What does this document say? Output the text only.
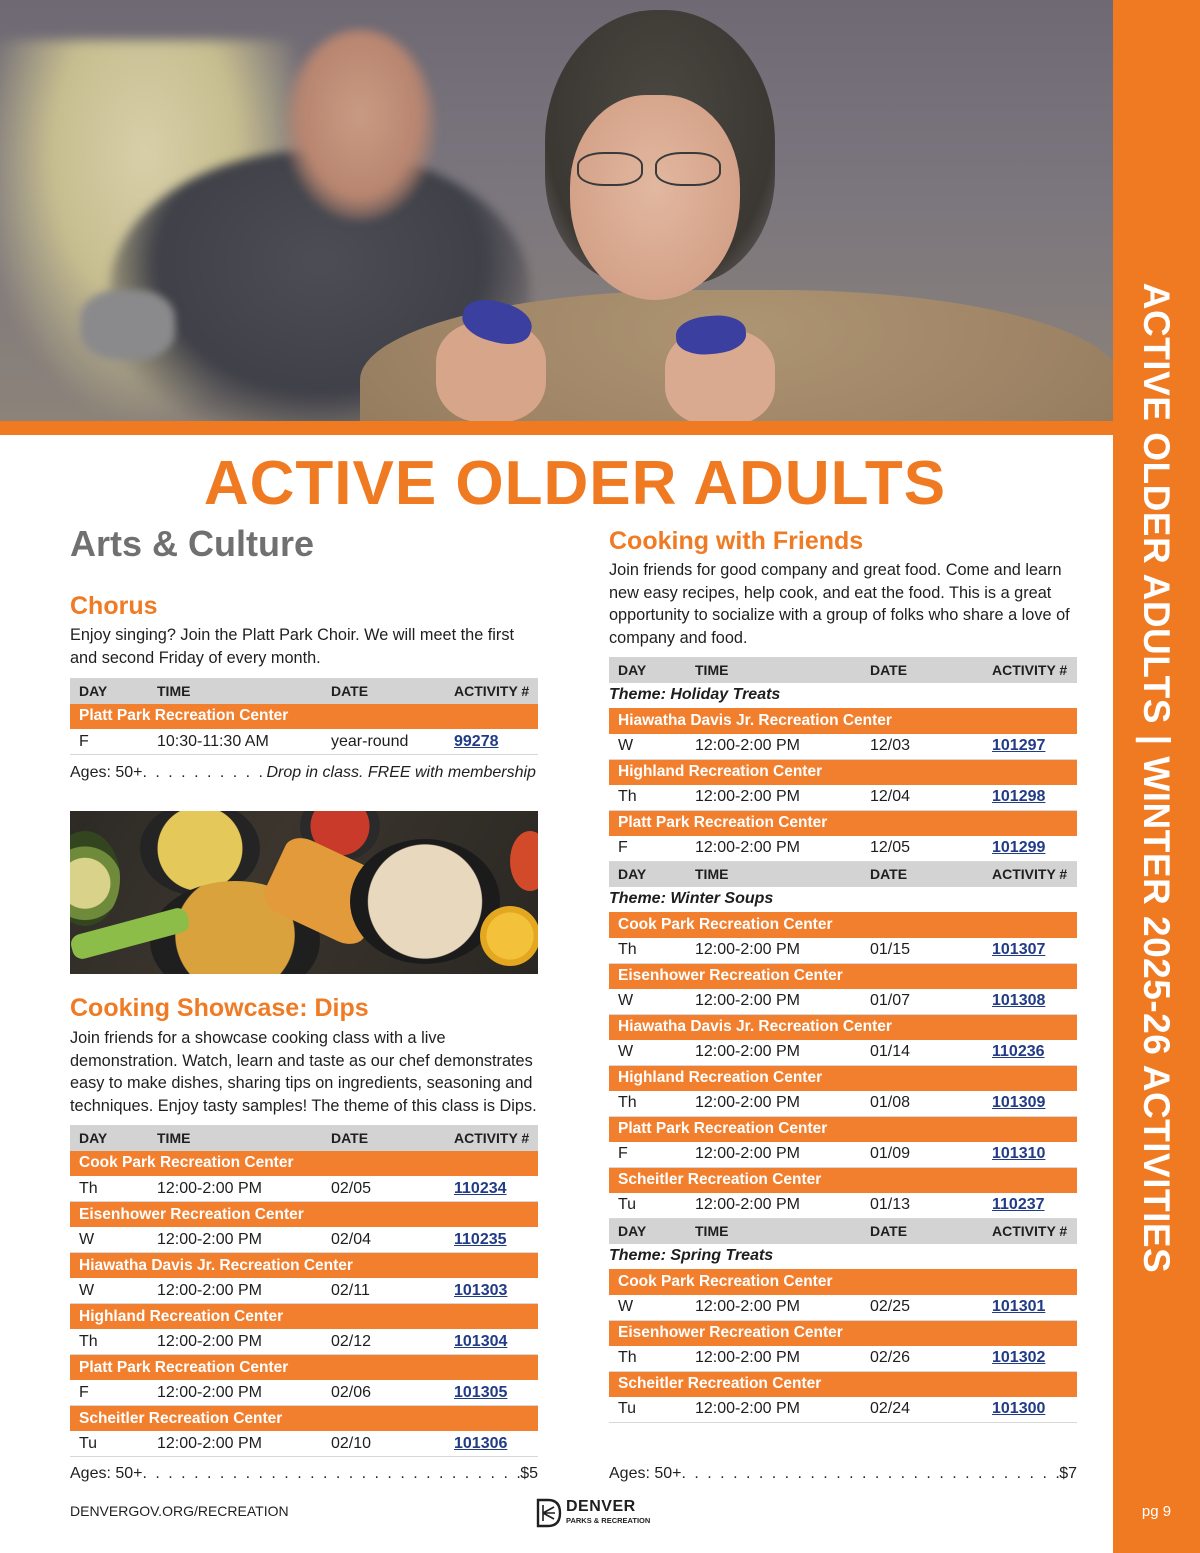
ACTIVE OLDER ADULTS | WINTER 2025-26 ACTIVITIES
pg 9
ACTIVE OLDER ADULTS
Arts & Culture
Chorus

Enjoy singing? Join the Platt Park Choir. We will meet the first and second Friday of every month.

DAY	TIME	DATE	ACTIVITY #
Platt Park Recreation Center			
F	10:30-11:30 AM	year-round	99278
Ages: 50+ . . .	Drop in class. FREE with membership
Cooking Showcase: Dips

Join friends for a showcase cooking class with a live demonstration. Watch, learn and taste as our chef demonstrates easy to make dishes, sharing tips on ingredients, seasoning and techniques. Enjoy tasty samples! The theme of this class is Dips.

DAY	TIME	DATE	ACTIVITY #
Cook Park Recreation Center			
Th	12:00-2:00 PM	02/05	110234
Eisenhower Recreation Center			
W	12:00-2:00 PM	02/04	110235
Hiawatha Davis Jr. Recreation Center			
W	12:00-2:00 PM	02/11	101303
Highland Recreation Center			
Th	12:00-2:00 PM	02/12	101304
Platt Park Recreation Center			
F	12:00-2:00 PM	02/06	101305
Scheitler Recreation Center			
Tu	12:00-2:00 PM	02/10	101306
Ages: 50+ . . .	$5
Cooking with Friends

Join friends for good company and great food. Come and learn new easy recipes, help cook, and eat the food. This is a great opportunity to socialize with a group of folks who share a love of company and food.

DAY	TIME	DATE	ACTIVITY #
Theme: Holiday Treats			
Hiawatha Davis Jr. Recreation Center			
W	12:00-2:00 PM	12/03	101297
Highland Recreation Center			
Th	12:00-2:00 PM	12/04	101298
Platt Park Recreation Center			
F	12:00-2:00 PM	12/05	101299
DAY	TIME	DATE	ACTIVITY #
Theme: Winter Soups			
Cook Park Recreation Center			
Th	12:00-2:00 PM	01/15	101307
Eisenhower Recreation Center			
W	12:00-2:00 PM	01/07	101308
Hiawatha Davis Jr. Recreation Center			
W	12:00-2:00 PM	01/14	110236
Highland Recreation Center			
Th	12:00-2:00 PM	01/08	101309
Platt Park Recreation Center			
F	12:00-2:00 PM	01/09	101310
Scheitler Recreation Center			
Tu	12:00-2:00 PM	01/13	110237
DAY	TIME	DATE	ACTIVITY #
Theme: Spring Treats			
Cook Park Recreation Center			
W	12:00-2:00 PM	02/25	101301
Eisenhower Recreation Center			
Th	12:00-2:00 PM	02/26	101302
Scheitler Recreation Center			
Tu	12:00-2:00 PM	02/24	101300
Ages: 50+ . . .	$7
DENVERGOV.ORG/RECREATION	DENVER
PARKS & RECREATION
